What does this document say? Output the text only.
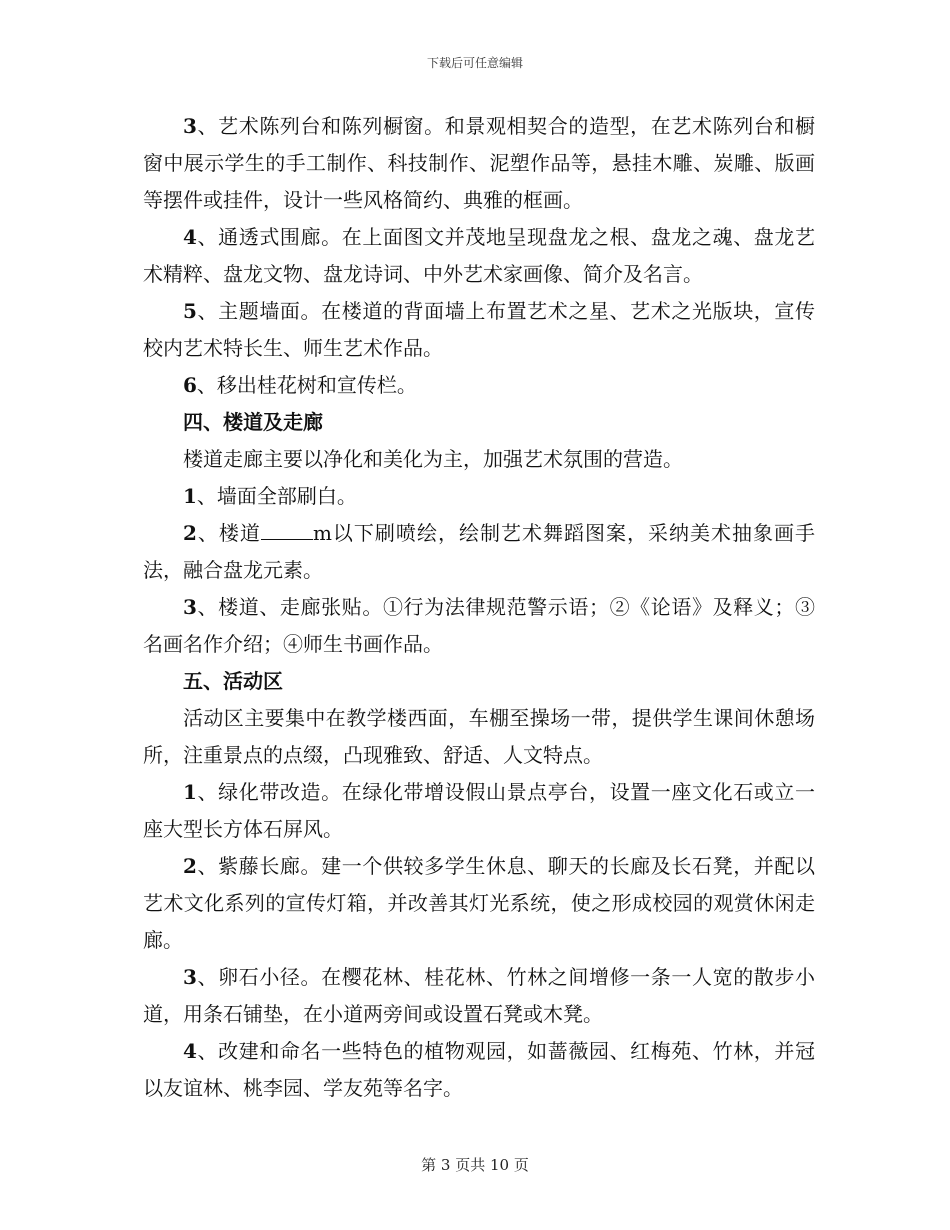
下载后可任意编辑

3、艺术陈列台和陈列橱窗。和景观相契合的造型，在艺术陈列台和橱窗中展示学生的手工制作、科技制作、泥塑作品等，悬挂木雕、炭雕、版画等摆件或挂件，设计一些风格简约、典雅的框画。

4、通透式围廊。在上面图文并茂地呈现盘龙之根、盘龙之魂、盘龙艺术精粹、盘龙文物、盘龙诗词、中外艺术家画像、简介及名言。

5、主题墙面。在楼道的背面墙上布置艺术之星、艺术之光版块，宣传校内艺术特长生、师生艺术作品。

6、移出桂花树和宣传栏。

四、楼道及走廊

楼道走廊主要以净化和美化为主，加强艺术氛围的营造。

1、墙面全部刷白。

2、楼道	m以下刷喷绘，绘制艺术舞蹈图案，采纳美术抽象画手法，融合盘龙元素。

3、楼道、走廊张贴。①行为法律规范警示语；②《论语》及释义；③名画名作介绍；④师生书画作品。

五、活动区

活动区主要集中在教学楼西面，车棚至操场一带，提供学生课间休憩场所，注重景点的点缀，凸现雅致、舒适、人文特点。

1、绿化带改造。在绿化带增设假山景点亭台，设置一座文化石或立一座大型长方体石屏风。

2、紫藤长廊。建一个供较多学生休息、聊天的长廊及长石凳，并配以艺术文化系列的宣传灯箱，并改善其灯光系统，使之形成校园的观赏休闲走廊。

3、卵石小径。在樱花林、桂花林、竹林之间增修一条一人宽的散步小道，用条石铺垫，在小道两旁间或设置石凳或木凳。

4、改建和命名一些特色的植物观园，如蔷薇园、红梅苑、竹林，并冠以友谊林、桃李园、学友苑等名字。

第 3 页共 10 页
